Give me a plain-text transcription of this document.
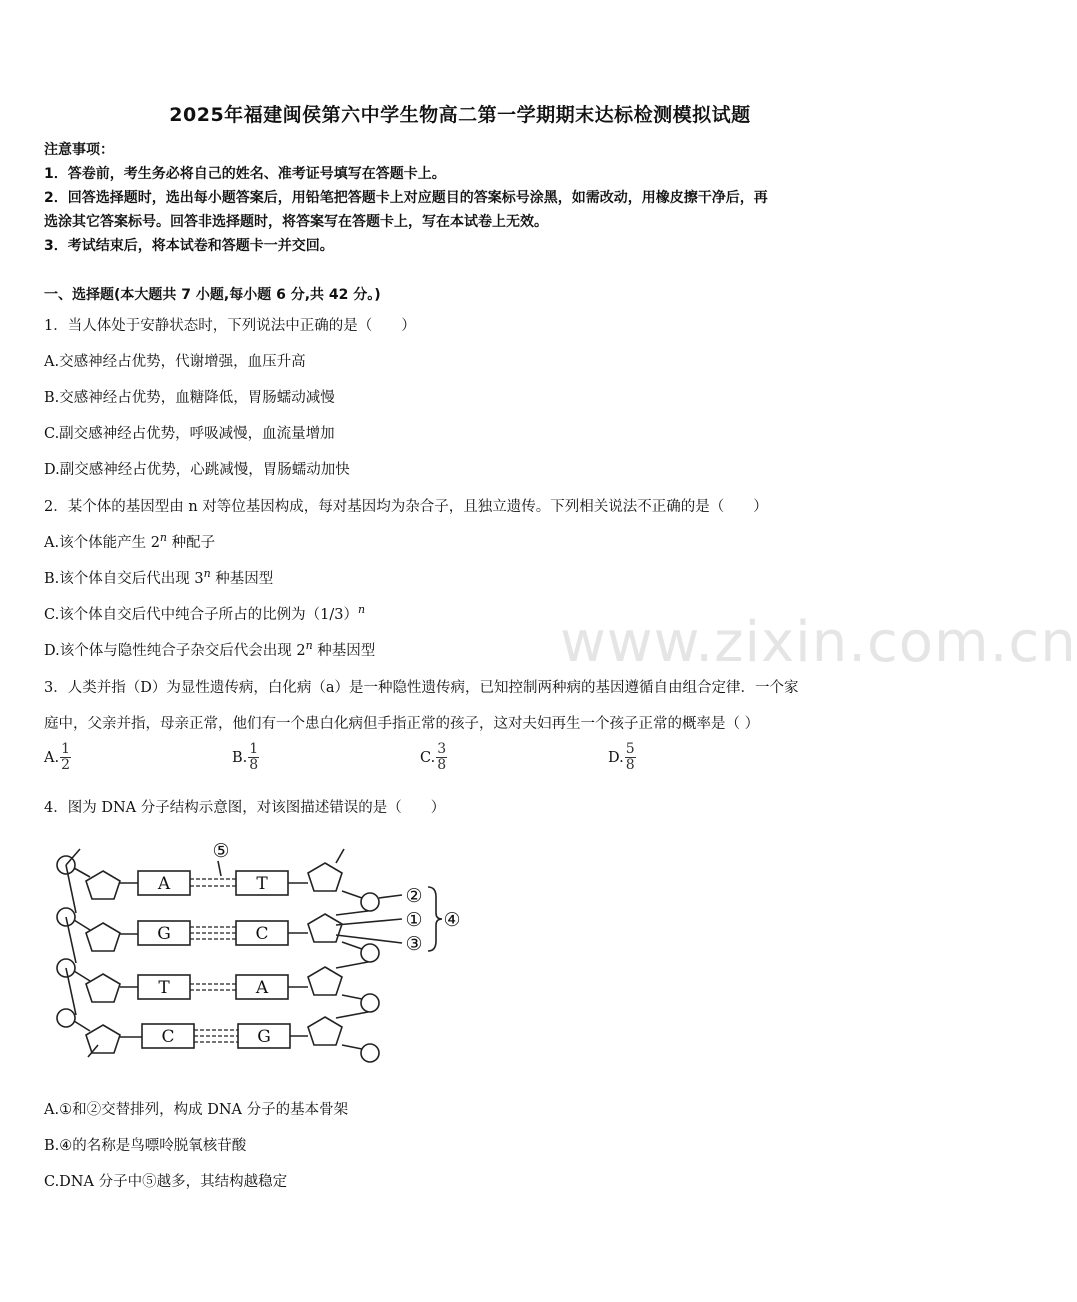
2025年福建闽侯第六中学生物高二第一学期期末达标检测模拟试题
注意事项：
1．答卷前，考生务必将自己的姓名、准考证号填写在答题卡上。
2．回答选择题时，选出每小题答案后，用铅笔把答题卡上对应题目的答案标号涂黑，如需改动，用橡皮擦干净后，再
选涂其它答案标号。回答非选择题时，将答案写在答题卡上，写在本试卷上无效。
3．考试结束后，将本试卷和答题卡一并交回。
一、选择题(本大题共 7 小题,每小题 6 分,共 42 分。)
1．当人体处于安静状态时，下列说法中正确的是（　　）
A.交感神经占优势，代谢增强，血压升高
B.交感神经占优势，血糖降低，胃肠蠕动减慢
C.副交感神经占优势，呼吸减慢，血流量增加
D.副交感神经占优势，心跳减慢，胃肠蠕动加快
2．某个体的基因型由 n 对等位基因构成，每对基因均为杂合子，且独立遗传。下列相关说法不正确的是（　　）
A.该个体能产生 2$^n$ 种配子
B.该个体自交后代出现 3$^n$ 种基因型
C.该个体自交后代中纯合子所占的比例为$(1/3)^n$
D.该个体与隐性纯合子杂交后代会出现 2$^n$ 种基因型	www.zixin.com.cn
3．人类并指（D）为显性遗传病，白化病（a）是一种隐性遗传病，已知控制两种病的基因遵循自由组合定律．一个家
庭中，父亲并指，母亲正常，他们有一个患白化病但手指正常的孩子，这对夫妇再生一个孩子正常的概率是（ ）
A. $\frac{1}{2}$	B. $\frac{1}{8}$	C. $\frac{3}{8}$	D. $\frac{5}{8}$
4．图为 DNA 分子结构示意图，对该图描述错误的是（　　）
A
G
T
C
T
C
A
G
⑤
②
①
③
④
A.①和②交替排列，构成 DNA 分子的基本骨架
B.④的名称是鸟嘌呤脱氧核苷酸
C.DNA 分子中⑤越多，其结构越稳定
